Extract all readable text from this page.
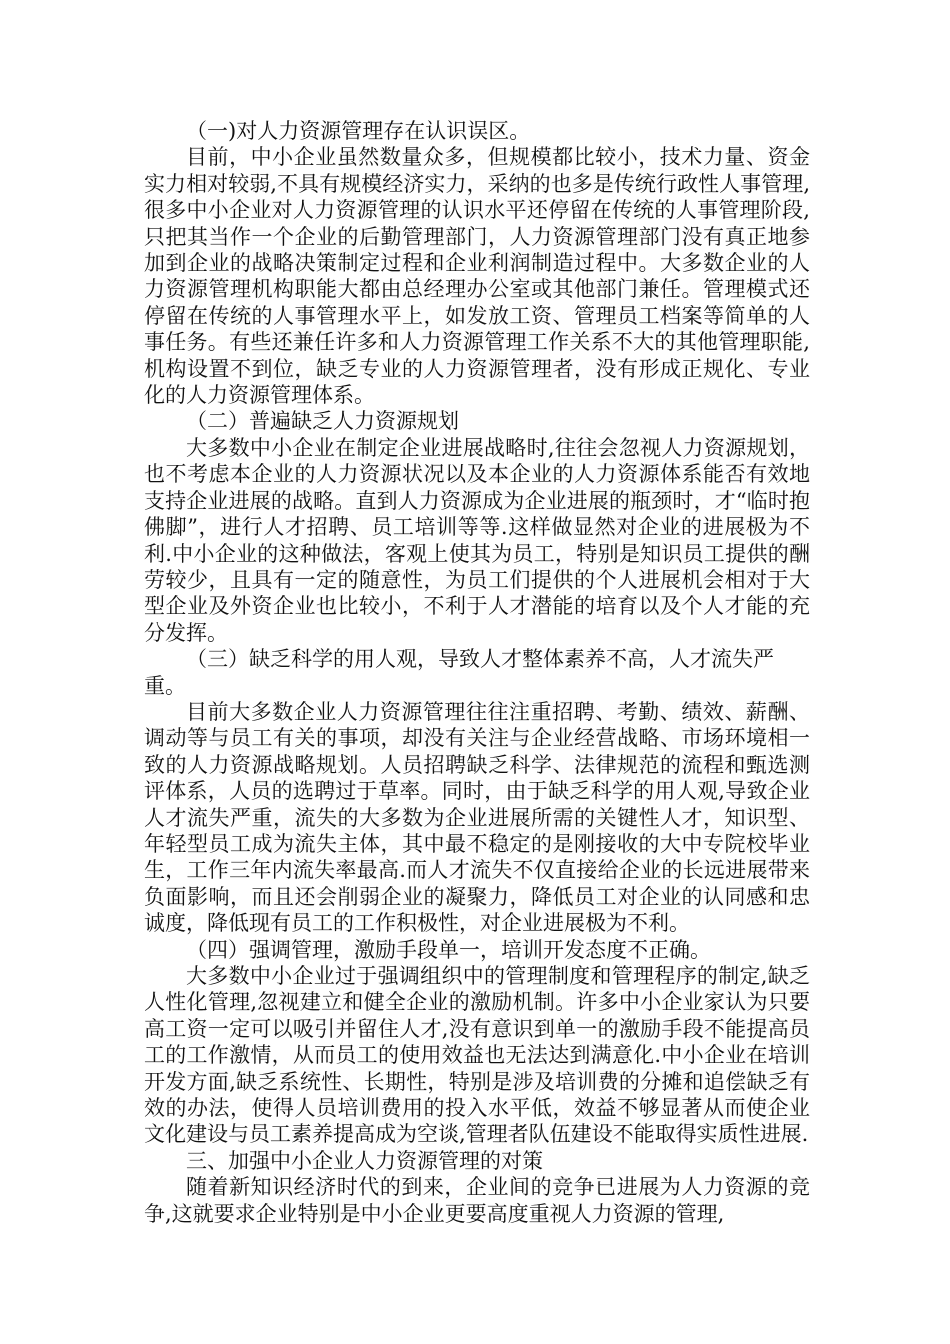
（一)对人力资源管理存在认识误区。

目前，中小企业虽然数量众多，但规模都比较小，技术力量、资金实力相对较弱,不具有规模经济实力，采纳的也多是传统行政性人事管理,很多中小企业对人力资源管理的认识水平还停留在传统的人事管理阶段,只把其当作一个企业的后勤管理部门，人力资源管理部门没有真正地参加到企业的战略决策制定过程和企业利润制造过程中。大多数企业的人力资源管理机构职能大都由总经理办公室或其他部门兼任。管理模式还停留在传统的人事管理水平上，如发放工资、管理员工档案等简单的人事任务。有些还兼任许多和人力资源管理工作关系不大的其他管理职能,机构设置不到位，缺乏专业的人力资源管理者，没有形成正规化、专业化的人力资源管理体系。

（二）普遍缺乏人力资源规划

大多数中小企业在制定企业进展战略时,往往会忽视人力资源规划，也不考虑本企业的人力资源状况以及本企业的人力资源体系能否有效地支持企业进展的战略。直到人力资源成为企业进展的瓶颈时，才“临时抱佛脚”，进行人才招聘、员工培训等等.这样做显然对企业的进展极为不利.中小企业的这种做法，客观上使其为员工，特别是知识员工提供的酬劳较少，且具有一定的随意性，为员工们提供的个人进展机会相对于大型企业及外资企业也比较小，不利于人才潜能的培育以及个人才能的充分发挥。

（三）缺乏科学的用人观，导致人才整体素养不高，人才流失严重。

目前大多数企业人力资源管理往往注重招聘、考勤、绩效、薪酬、调动等与员工有关的事项，却没有关注与企业经营战略、市场环境相一致的人力资源战略规划。人员招聘缺乏科学、法律规范的流程和甄选测评体系，人员的选聘过于草率。同时，由于缺乏科学的用人观,导致企业人才流失严重，流失的大多数为企业进展所需的关键性人才，知识型、年轻型员工成为流失主体，其中最不稳定的是刚接收的大中专院校毕业生，工作三年内流失率最高.而人才流失不仅直接给企业的长远进展带来负面影响，而且还会削弱企业的凝聚力，降低员工对企业的认同感和忠诚度，降低现有员工的工作积极性，对企业进展极为不利。

（四）强调管理，激励手段单一，培训开发态度不正确。

大多数中小企业过于强调组织中的管理制度和管理程序的制定,缺乏人性化管理,忽视建立和健全企业的激励机制。许多中小企业家认为只要高工资一定可以吸引并留住人才,没有意识到单一的激励手段不能提高员工的工作激情，从而员工的使用效益也无法达到满意化.中小企业在培训开发方面,缺乏系统性、长期性，特别是涉及培训费的分摊和追偿缺乏有效的办法，使得人员培训费用的投入水平低，效益不够显著从而使企业文化建设与员工素养提高成为空谈,管理者队伍建设不能取得实质性进展.

三、加强中小企业人力资源管理的对策

随着新知识经济时代的到来，企业间的竞争已进展为人力资源的竞争,这就要求企业特别是中小企业更要高度重视人力资源的管理,
